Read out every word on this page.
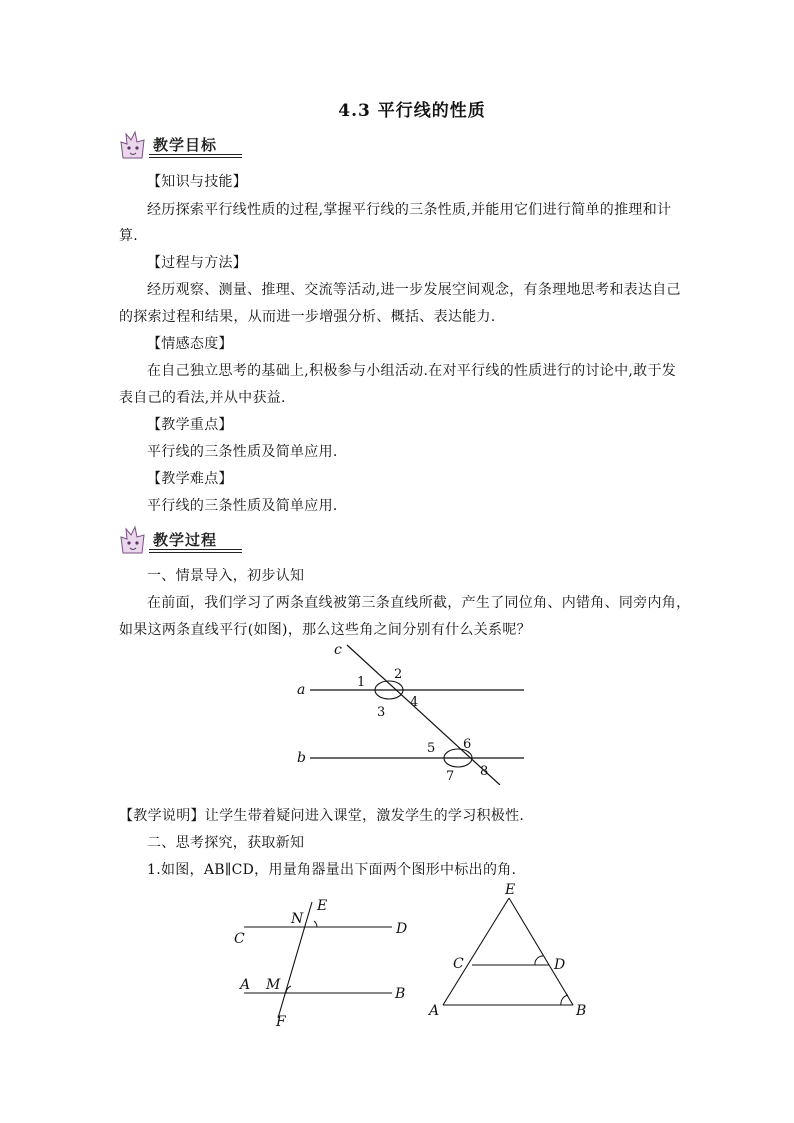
4.3 平行线的性质
教学目标
【知识与技能】
经历探索平行线性质的过程,掌握平行线的三条性质,并能用它们进行简单的推理和计
算.
【过程与方法】
经历观察、测量、推理、交流等活动,进一步发展空间观念，有条理地思考和表达自己
的探索过程和结果，从而进一步增强分析、概括、表达能力.
【情感态度】
在自己独立思考的基础上,积极参与小组活动.在对平行线的性质进行的讨论中,敢于发
表自己的看法,并从中获益.
【教学重点】
平行线的三条性质及简单应用.
【教学难点】
平行线的三条性质及简单应用.
教学过程
一、情景导入，初步认知
在前面，我们学习了两条直线被第三条直线所截，产生了同位角、内错角、同旁内角，
如果这两条直线平行(如图)，那么这些角之间分别有什么关系呢？
c
a
b
1
2
3
4
5 6
7 8
【教学说明】让学生带着疑问进入课堂，激发学生的学习积极性.
二、思考探究，获取新知
1.如图，AB∥CD，用量角器量出下面两个图形中标出的角.
N
E
D
C
A M
B
F
E
C	D
A	B
